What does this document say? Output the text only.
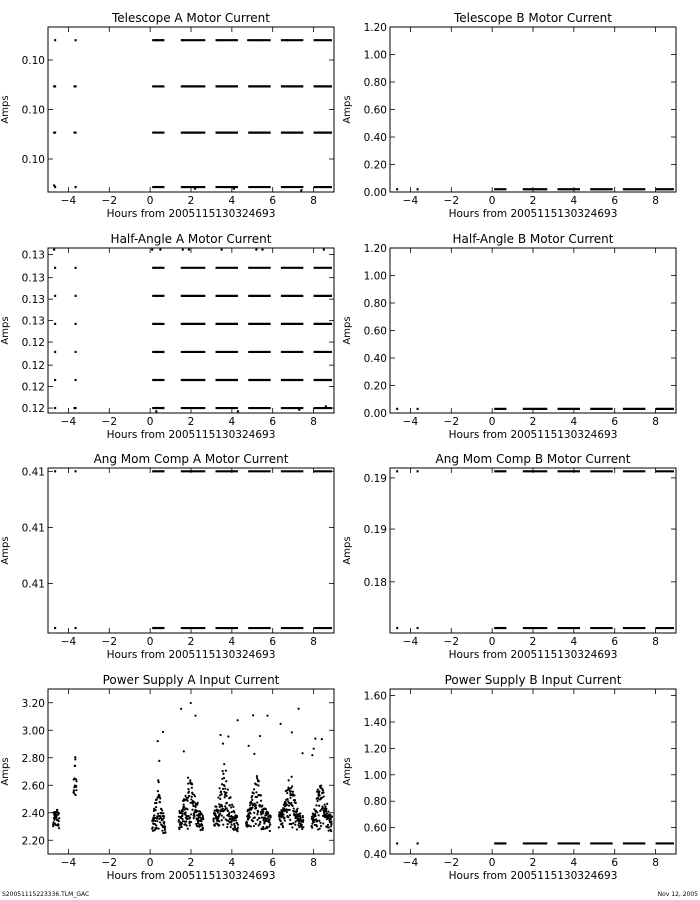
Telescope A Motor Current
−4 −2	0	2	4	6	8
0.10
0.10
0.10
Hours from 2005115130324693
Amps
Telescope B Motor Current
−4 −2	0	2	4	6	8
0.00
0.20
0.40
0.60
0.80
1.00
1.20
Hours from 2005115130324693
Amps
Half-Angle A Motor Current
−4 −2	0	2	4	6	8
0.12
0.12
0.12
0.12
0.13
0.13
0.13
0.13
Hours from 2005115130324693
Amps
Half-Angle B Motor Current
−4 −2	0	2	4	6	8
0.00
0.20
0.40
0.60
0.80
1.00
1.20
Hours from 2005115130324693
Amps
Ang Mom Comp A Motor Current
−4 −2	0	2	4	6	8
0.41
0.41
0.41
Hours from 2005115130324693
Amps
Ang Mom Comp B Motor Current
−4 −2	0	2	4	6	8
0.19
0.19
0.18
Hours from 2005115130324693
Amps
Power Supply A Input Current
−4 −2	0	2	4	6	8
2.20
2.40
2.60
2.80
3.00
3.20
Hours from 2005115130324693
Amps
Power Supply B Input Current
−4 −2	0	2	4	6	8
0.40
0.60
0.80
1.00
1.20
1.40
1.60
Hours from 2005115130324693
Amps
S20051115223336.TLM_GAC	Nov 12, 2005
